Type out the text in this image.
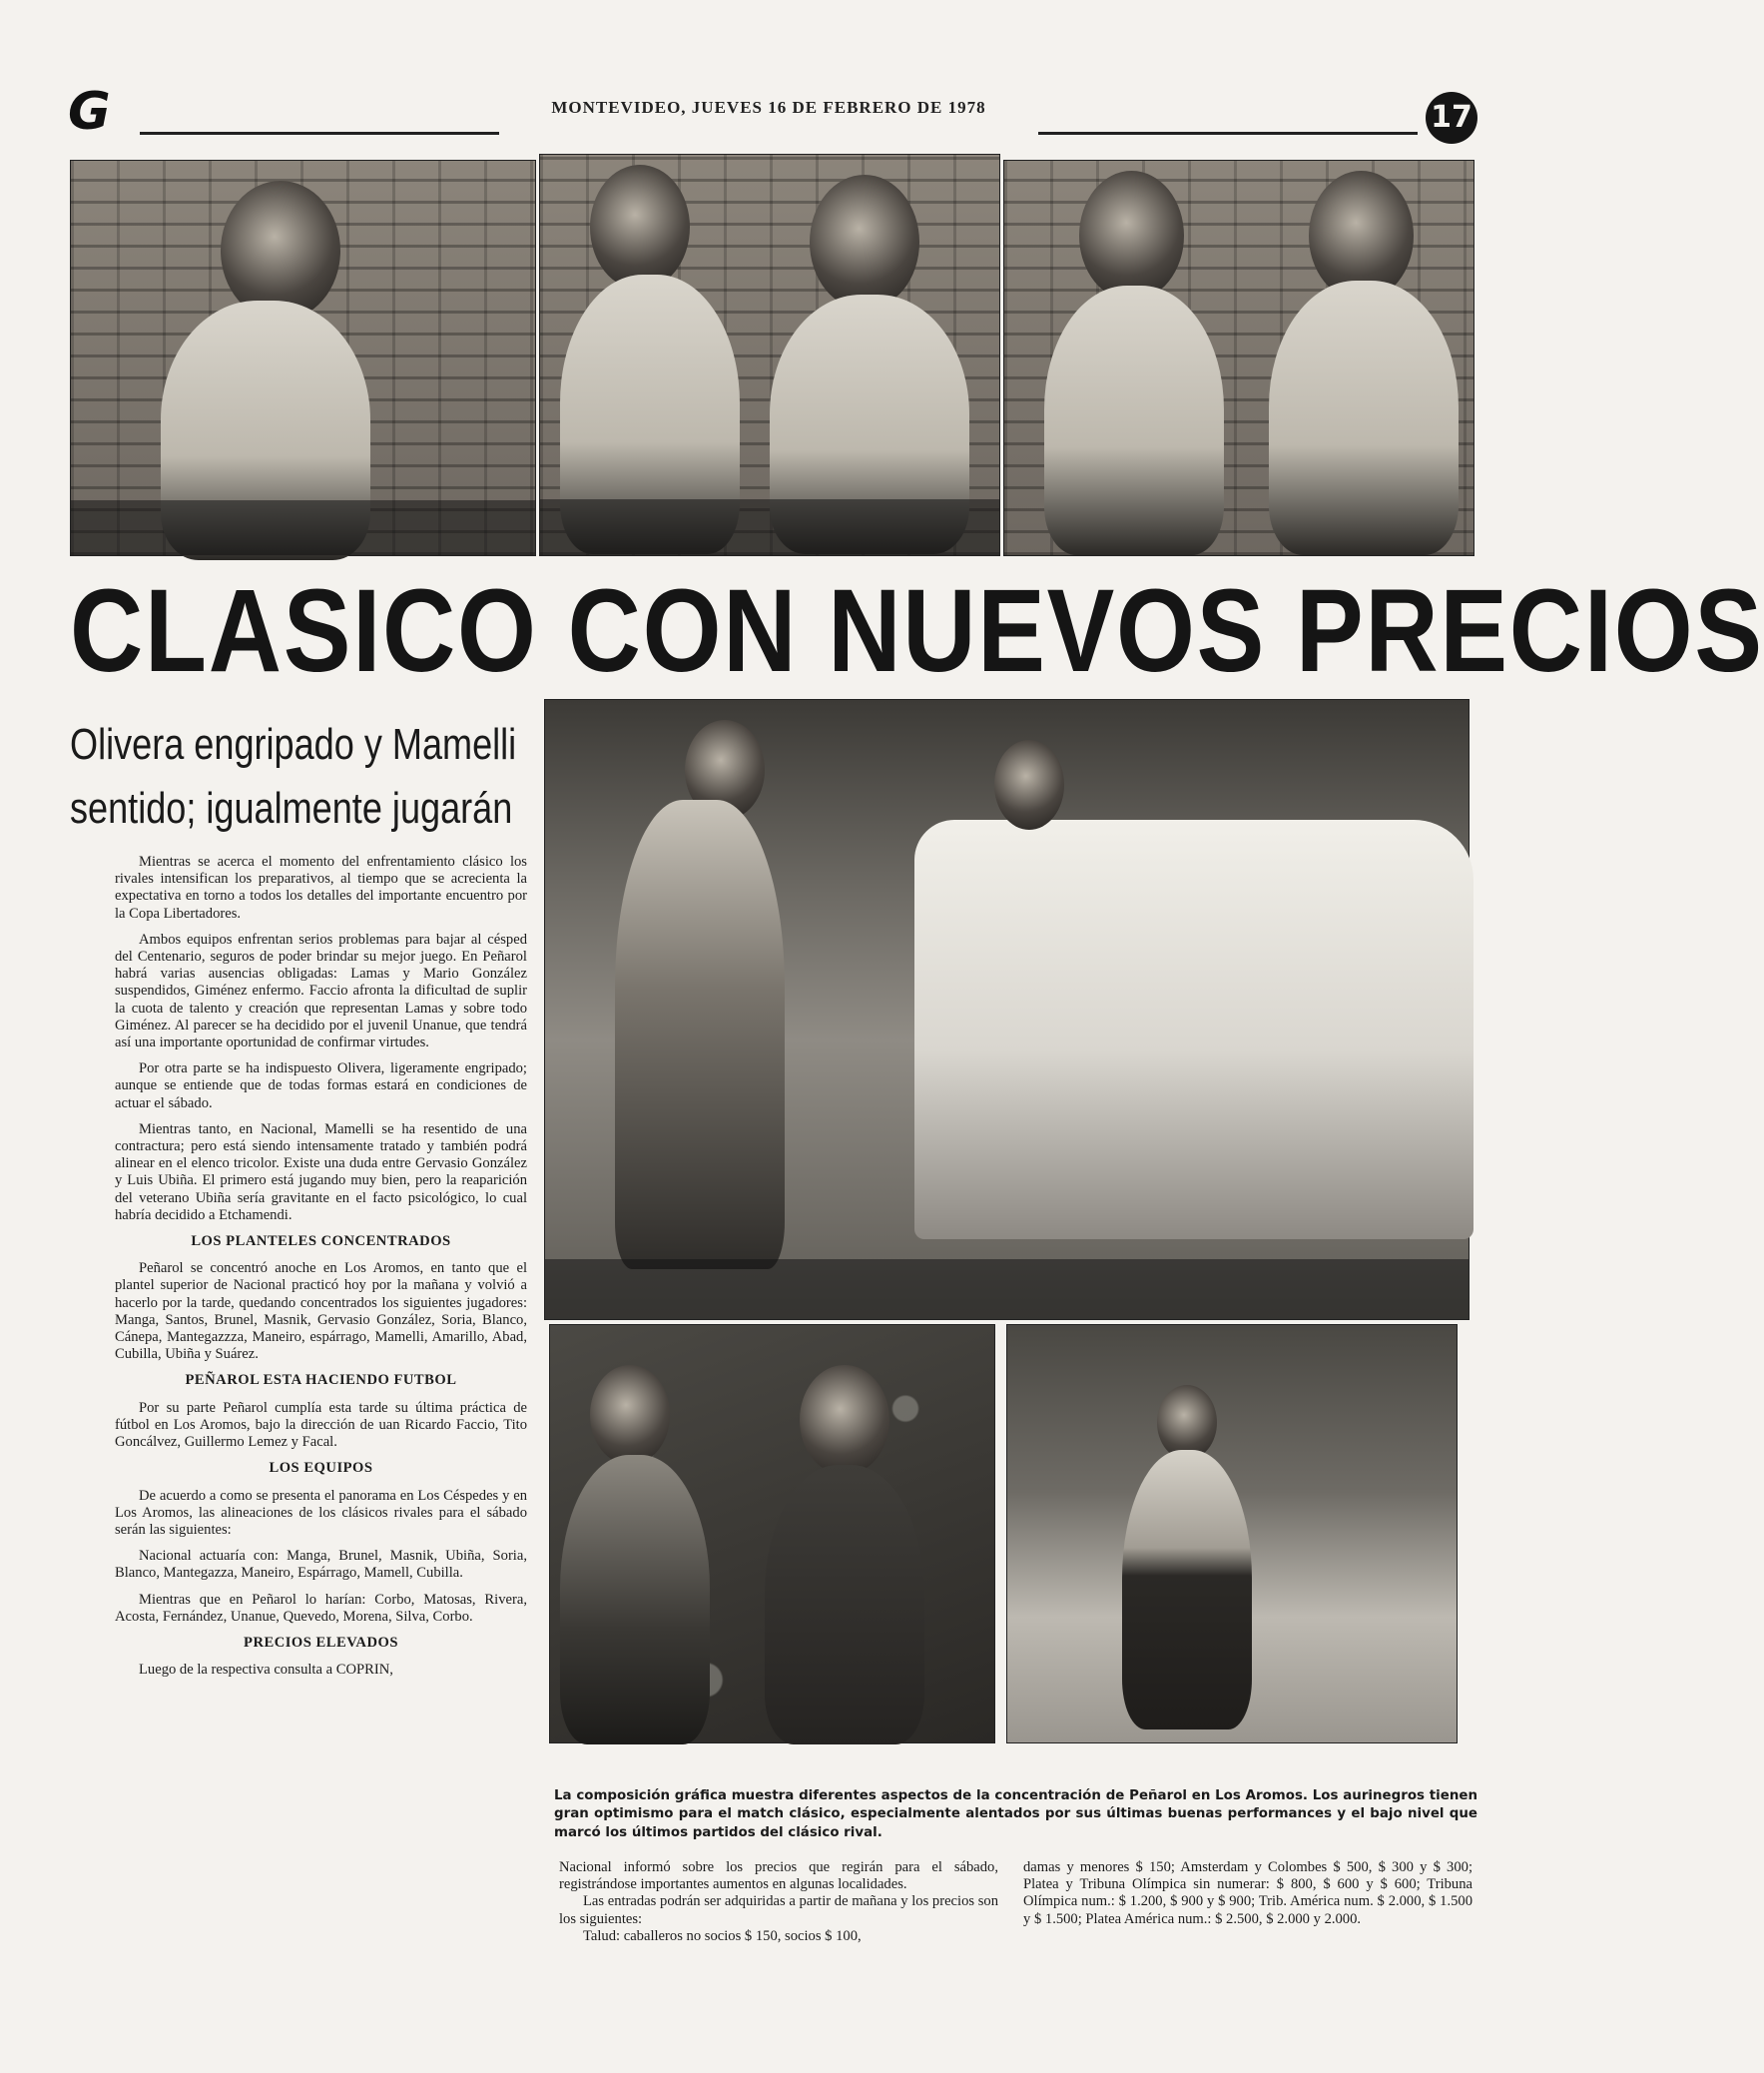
G	MONTEVIDEO, JUEVES 16 DE FEBRERO DE 1978	17
CLASICO CON NUEVOS PRECIOS
Olivera engripado y Mamelli
sentido; igualmente jugarán

Mientras se acerca el momento del enfrentamiento clásico los rivales intensifican los preparativos, al tiempo que se acrecienta la expectativa en torno a todos los detalles del importante encuentro por la Copa Libertadores.

Ambos equipos enfrentan serios problemas para bajar al césped del Centenario, seguros de poder brindar su mejor juego. En Peñarol habrá varias ausencias obligadas: Lamas y Mario González suspendidos, Giménez enfermo. Faccio afronta la dificultad de suplir la cuota de talento y creación que representan Lamas y sobre todo Giménez. Al parecer se ha decidido por el juvenil Unanue, que tendrá así una importante oportunidad de confirmar virtudes.

Por otra parte se ha indispuesto Olivera, ligeramente engripado; aunque se entiende que de todas formas estará en condiciones de actuar el sábado.

Mientras tanto, en Nacional, Mamelli se ha resentido de una contractura; pero está siendo intensamente tratado y también podrá alinear en el elenco tricolor. Existe una duda entre Gervasio González y Luis Ubiña. El primero está jugando muy bien, pero la reaparición del veterano Ubiña sería gravitante en el facto psicológico, lo cual habría decidido a Etchamendi.

LOS PLANTELES CONCENTRADOS

Peñarol se concentró anoche en Los Aromos, en tanto que el plantel superior de Nacional practicó hoy por la mañana y volvió a hacerlo por la tarde, quedando concentrados los siguientes jugadores: Manga, Santos, Brunel, Masnik, Gervasio González, Soria, Blanco, Cánepa, Mantegazzza, Maneiro, espárrago, Mamelli, Amarillo, Abad, Cubilla, Ubiña y Suárez.

PEÑAROL ESTA HACIENDO FUTBOL

Por su parte Peñarol cumplía esta tarde su última práctica de fútbol en Los Aromos, bajo la dirección de uan Ricardo Faccio, Tito Goncálvez, Guillermo Lemez y Facal.

LOS EQUIPOS

De acuerdo a como se presenta el panorama en Los Céspedes y en Los Aromos, las alineaciones de los clásicos rivales para el sábado serán las siguientes:

Nacional actuaría con: Manga, Brunel, Masnik, Ubiña, Soria, Blanco, Mantegazza, Maneiro, Espárrago, Mamell, Cubilla.

Mientras que en Peñarol lo harían: Corbo, Matosas, Rivera, Acosta, Fernández, Unanue, Quevedo, Morena, Silva, Corbo.

PRECIOS ELEVADOS

Luego de la respectiva consulta a COPRIN,

La composición gráfica muestra diferentes aspectos de la concentración de Peñarol en Los Aromos. Los aurinegros tienen gran optimismo para el match clásico, especialmente alentados por sus últimas buenas performances y el bajo nivel que marcó los últimos partidos del clásico rival.

Nacional informó sobre los precios que regirán para el sábado, registrándose importantes aumentos en algunas localidades.

Las entradas podrán ser adquiridas a partir de mañana y los precios son los siguientes:

Talud: caballeros no socios $ 150, socios $ 100,

damas y menores $ 150; Amsterdam y Colombes $ 500, $ 300 y $ 300; Platea y Tribuna Olímpica sin numerar: $ 800, $ 600 y $ 600; Tribuna Olímpica num.: $ 1.200, $ 900 y $ 900; Trib. América num. $ 2.000, $ 1.500 y $ 1.500; Platea América num.: $ 2.500, $ 2.000 y 2.000.
